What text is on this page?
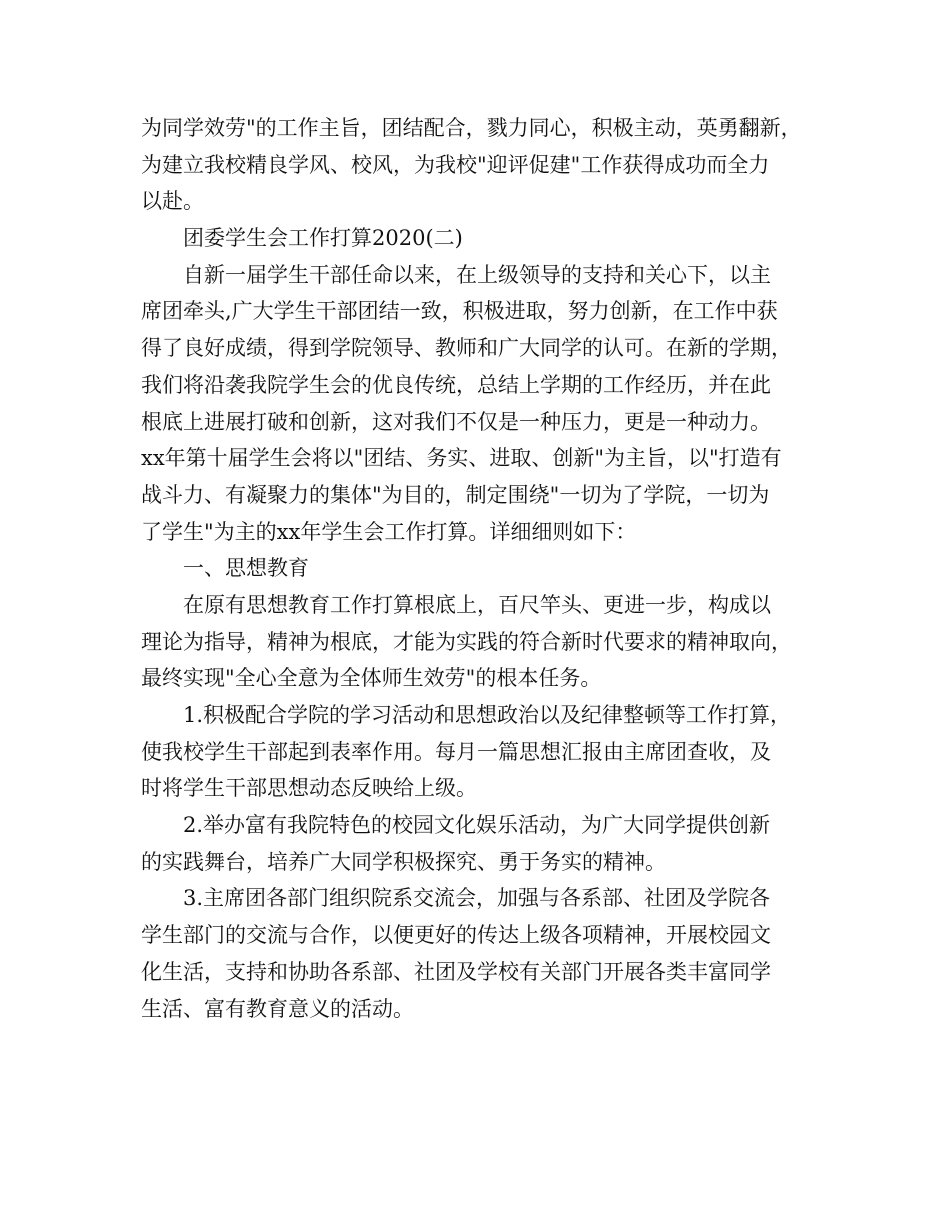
为同学效劳"的工作主旨，团结配合，戮力同心，积极主动，英勇翻新，
为建立我校精良学风、校风，为我校"迎评促建"工作获得成功而全力
以赴。
团委学生会工作打算2020(二)
自新一届学生干部任命以来，在上级领导的支持和关心下，以主
席团牵头,广大学生干部团结一致，积极进取，努力创新，在工作中获
得了良好成绩，得到学院领导、教师和广大同学的认可。在新的学期，
我们将沿袭我院学生会的优良传统，总结上学期的工作经历，并在此
根底上进展打破和创新，这对我们不仅是一种压力，更是一种动力。
xx年第十届学生会将以"团结、务实、进取、创新"为主旨，以"打造有
战斗力、有凝聚力的集体"为目的，制定围绕"一切为了学院，一切为
了学生"为主的xx年学生会工作打算。详细细则如下：
一、思想教育
在原有思想教育工作打算根底上，百尺竿头、更进一步，构成以
理论为指导，精神为根底，才能为实践的符合新时代要求的精神取向，
最终实现"全心全意为全体师生效劳"的根本任务。
1.积极配合学院的学习活动和思想政治以及纪律整顿等工作打算，
使我校学生干部起到表率作用。每月一篇思想汇报由主席团查收，及
时将学生干部思想动态反映给上级。
2.举办富有我院特色的校园文化娱乐活动，为广大同学提供创新
的实践舞台，培养广大同学积极探究、勇于务实的精神。
3.主席团各部门组织院系交流会，加强与各系部、社团及学院各
学生部门的交流与合作，以便更好的传达上级各项精神，开展校园文
化生活，支持和协助各系部、社团及学校有关部门开展各类丰富同学
生活、富有教育意义的活动。
